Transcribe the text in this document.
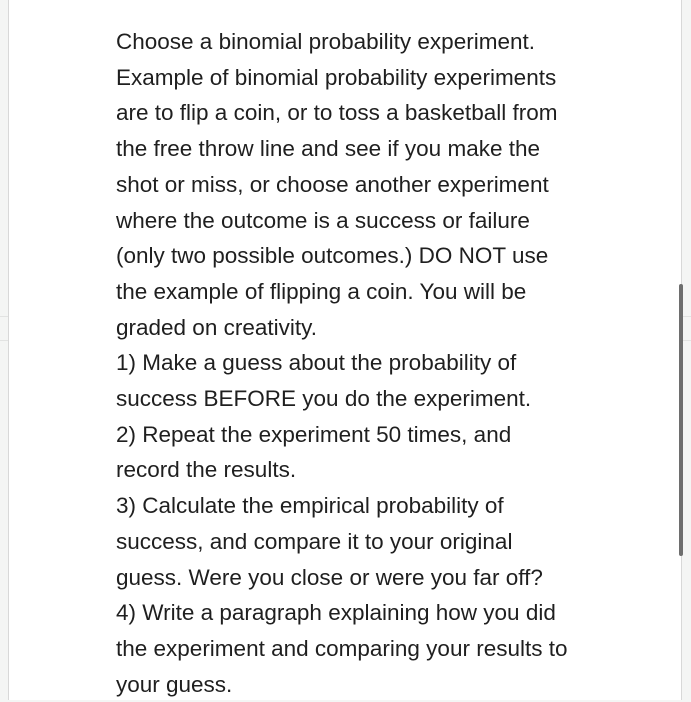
Choose a binomial probability experiment.

Example of binomial probability experiments

are to flip a coin, or to toss a basketball from

the free throw line and see if you make the

shot or miss, or choose another experiment

where the outcome is a success or failure

(only two possible outcomes.) DO NOT use

the example of flipping a coin. You will be

graded on creativity.

1) Make a guess about the probability of

success BEFORE you do the experiment.

2) Repeat the experiment 50 times, and

record the results.

3) Calculate the empirical probability of

success, and compare it to your original

guess. Were you close or were you far off?

4) Write a paragraph explaining how you did

the experiment and comparing your results to

your guess.
